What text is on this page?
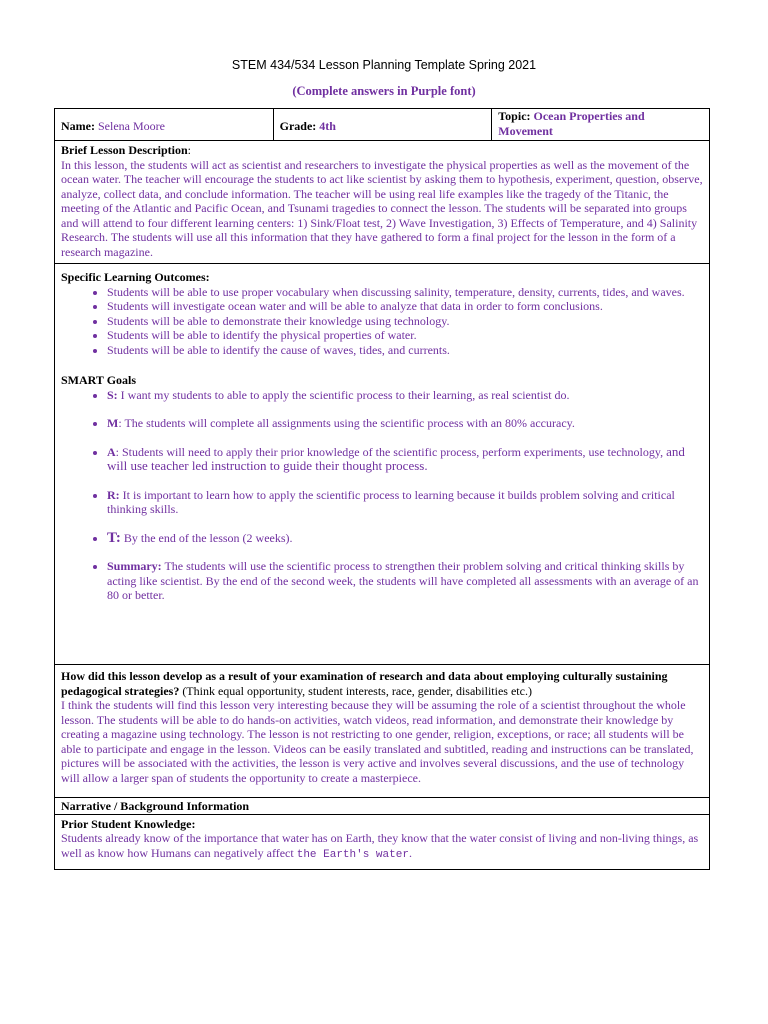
STEM 434/534 Lesson Planning Template Spring 2021
(Complete answers in Purple font)
Name: Selena Moore	Grade: 4th	Topic: Ocean Properties and
Movement
Brief Lesson Description:
In this lesson, the students will act as scientist and researchers to investigate the physical properties as well as the movement of the ocean water. The teacher will encourage the students to act like scientist by asking them to hypothesis, experiment, question, observe, analyze, collect data, and conclude information. The teacher will be using real life examples like the tragedy of the Titanic, the meeting of the Atlantic and Pacific Ocean, and Tsunami tragedies to connect the lesson. The students will be separated into groups and will attend to four different learning centers: 1) Sink/Float test, 2) Wave Investigation, 3) Effects of Temperature, and 4) Salinity Research. The students will use all this information that they have gathered to form a final project for the lesson in the form of a research magazine.

Specific Learning Outcomes:
• Students will be able to use proper vocabulary when discussing salinity, temperature, density, currents, tides, and waves.
• Students will investigate ocean water and will be able to analyze that data in order to form conclusions.
• Students will be able to demonstrate their knowledge using technology.
• Students will be able to identify the physical properties of water.
• Students will be able to identify the cause of waves, tides, and currents.
SMART Goals
• S: I want my students to able to apply the scientific process to their learning, as real scientist do.
• M: The students will complete all assignments using the scientific process with an 80% accuracy.
• A: Students will need to apply their prior knowledge of the scientific process, perform experiments, use technology, and will use teacher led instruction to guide their thought process.
• R: It is important to learn how to apply the scientific process to learning because it builds problem solving and critical thinking skills.
• T: By the end of the lesson (2 weeks).
• Summary: The students will use the scientific process to strengthen their problem solving and critical thinking skills by acting like scientist. By the end of the second week, the students will have completed all assessments with an average of an 80 or better.

How did this lesson develop as a result of your examination of research and data about employing culturally sustaining pedagogical strategies? (Think equal opportunity, student interests, race, gender, disabilities etc.)
I think the students will find this lesson very interesting because they will be assuming the role of a scientist throughout the whole lesson. The students will be able to do hands-on activities, watch videos, read information, and demonstrate their knowledge by creating a magazine using technology. The lesson is not restricting to one gender, religion, exceptions, or race; all students will be able to participate and engage in the lesson. Videos can be easily translated and subtitled, reading and instructions can be translated, pictures will be associated with the activities, the lesson is very active and involves several discussions, and the use of technology will allow a larger span of students the opportunity to create a masterpiece.
Narrative / Background Information
Prior Student Knowledge:
Students already know of the importance that water has on Earth, they know that the water consist of living and non-living things, as well as know how Humans can negatively affect the Earth's water.
